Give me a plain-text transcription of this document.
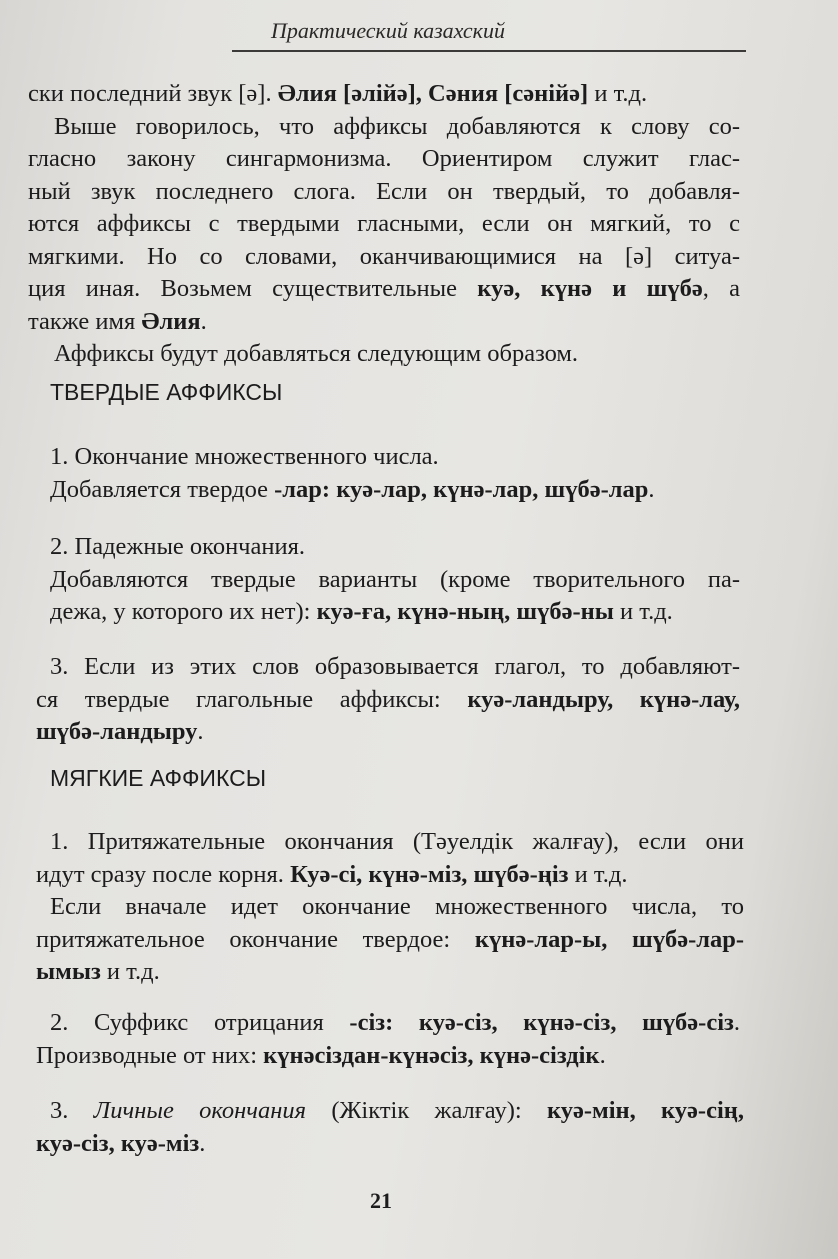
Практический казахский

ски последний звук [ə]. Әлия [əлійə], Сəния [сəнійə] и т.д.

Выше говорилось, что аффиксы добавляются к слову со-

гласно закону сингармонизма. Ориентиром служит глас-

ный звук последнего слога. Если он твердый, то добавля-

ются аффиксы с твердыми гласными, если он мягкий, то с

мягкими. Но со словами, оканчивающимися на [ə] ситуа-

ция иная. Возьмем существительные куə, күнə и шүбə, а

также имя Әлия.

Аффиксы будут добавляться следующим образом.

ТВЕРДЫЕ АФФИКСЫ

1. Окончание множественного числа.

Добавляется твердое -лар: куə-лар, күнə-лар, шүбə-лар.

2. Падежные окончания.

Добавляются твердые варианты (кроме творительного па-

дежа, у которого их нет): куə-ға, күнə-ның, шүбə-ны и т.д.

3. Если из этих слов образовывается глагол, то добавляют-

ся твердые глагольные аффиксы: куə-ландыру, күнə-лау,

шүбə-ландыру.

МЯГКИЕ АФФИКСЫ

1. Притяжательные окончания (Тəуелдік жалғау), если они

идут сразу после корня. Куə-сі, күнə-міз, шүбə-ңіз и т.д.

Если вначале идет окончание множественного числа, то

притяжательное окончание твердое: күнə-лар-ы, шүбə-лар-

ымыз и т.д.

2. Суффикс отрицания -сіз: куə-сіз, күнə-сіз, шүбə-сіз.

Производные от них: күнəсіздан-күнəсіз, күнə-сіздік.

3. Личные окончания (Жіктік жалғау): куə-мін, куə-сің,

куə-сіз, куə-міз.

21
